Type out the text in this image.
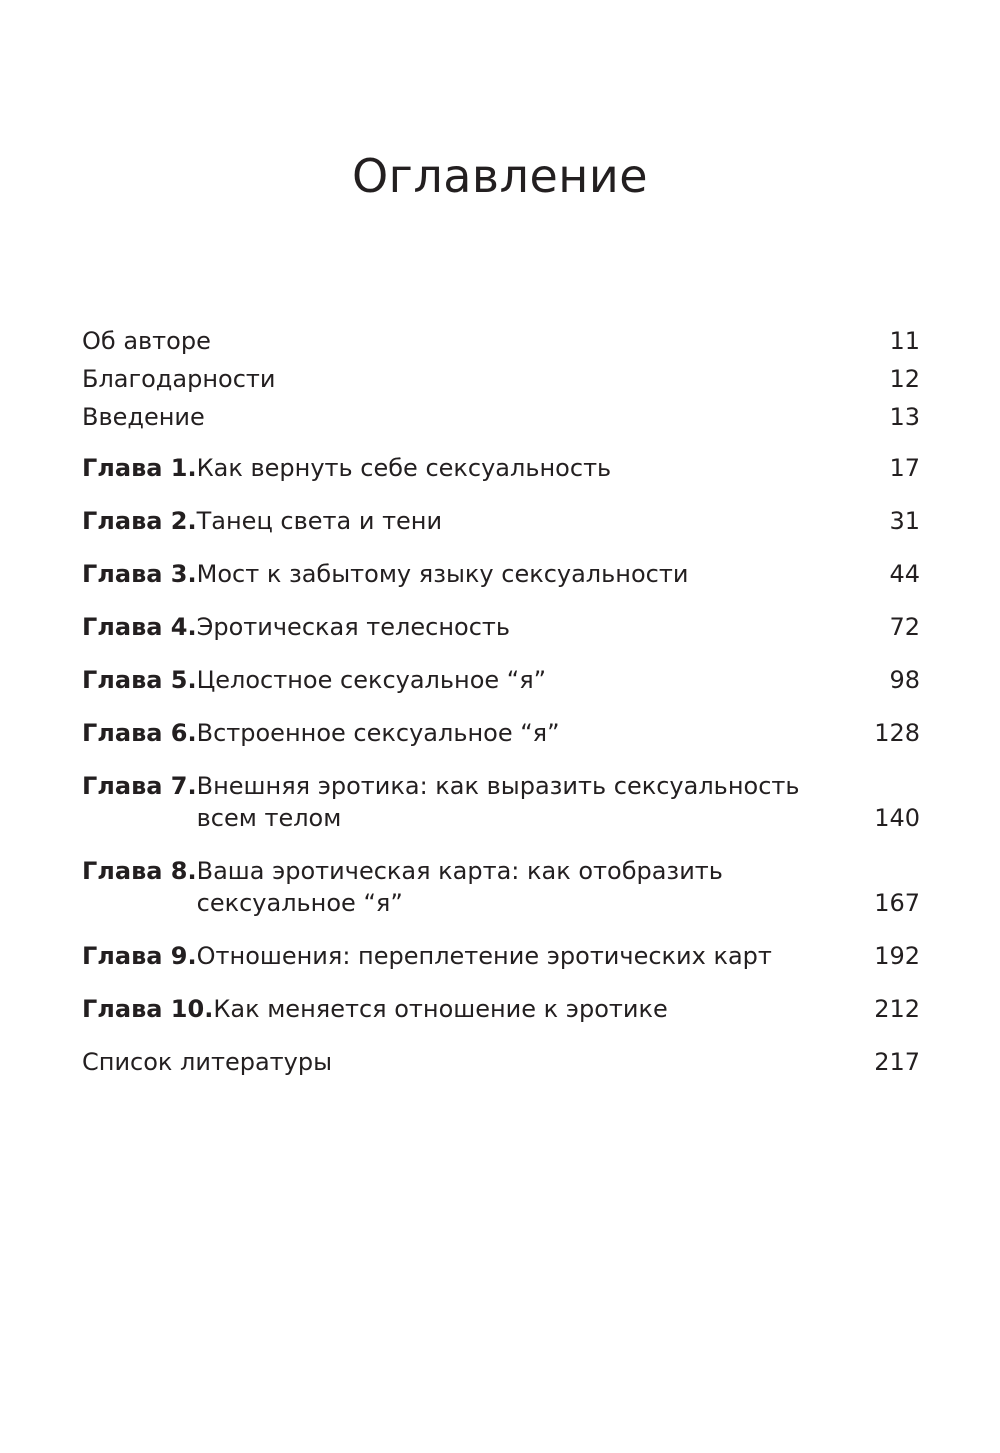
Оглавление
Об авторе	11
Благодарности	12
Введение	13
Глава 1. Как вернуть себе сексуальность	17
Глава 2. Танец света и тени	31
Глава 3. Мост к забытому языку сексуальности	44
Глава 4. Эротическая телесность	72
Глава 5. Целостное сексуальное “я”	98
Глава 6. Встроенное сексуальное “я”	128
Глава 7. Внешняя эротика: как выразить сексуальность
всем телом	140
Глава 8. Ваша эротическая карта: как отобразить
сексуальное “я”	167
Глава 9. Отношения: переплетение эротических карт	192
Глава 10. Как меняется отношение к эротике	212
Список литературы	217
